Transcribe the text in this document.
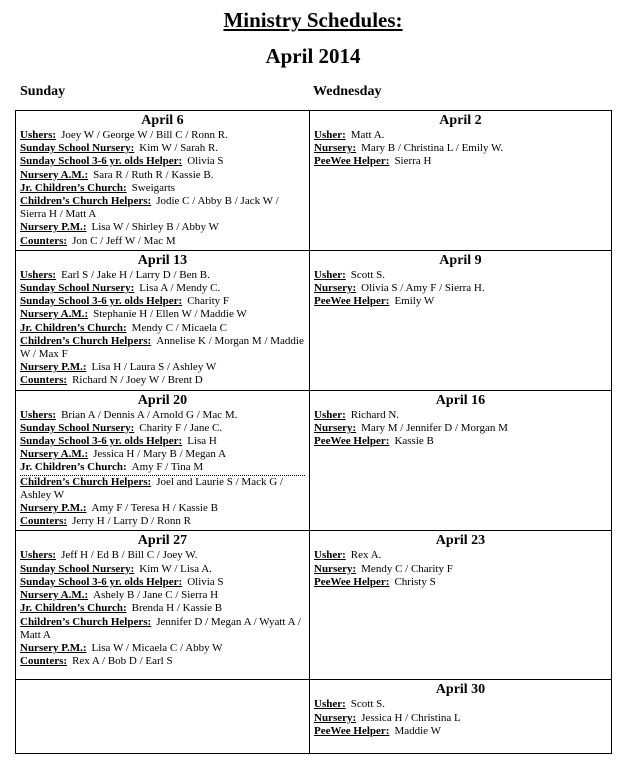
Ministry Schedules:
April 2014
Sunday	Wednesday
April 6
Ushers: Joey W / George W / Bill C / Ronn R.
Sunday School Nursery: Kim W / Sarah R.
Sunday School 3-6 yr. olds Helper: Olivia S
Nursery A.M.: Sara R / Ruth R / Kassie B.
Jr. Children’s Church: Sweigarts
Children’s Church Helpers: Jodie C / Abby B / Jack W / Sierra H / Matt A
Nursery P.M.: Lisa W / Shirley B / Abby W
Counters: Jon C / Jeff W / Mac M
April 2
Usher: Matt A.
Nursery: Mary B / Christina L / Emily W.
PeeWee Helper: Sierra H
April 13
Ushers: Earl S / Jake H / Larry D / Ben B.
Sunday School Nursery: Lisa A / Mendy C.
Sunday School 3-6 yr. olds Helper: Charity F
Nursery A.M.: Stephanie H / Ellen W / Maddie W
Jr. Children’s Church: Mendy C / Micaela C
Children’s Church Helpers: Annelise K / Morgan M / Maddie W / Max F
Nursery P.M.: Lisa H / Laura S / Ashley W
Counters: Richard N / Joey W / Brent D
April 9
Usher: Scott S.
Nursery: Olivia S / Amy F / Sierra H.
PeeWee Helper: Emily W
April 20
Ushers: Brian A / Dennis A / Arnold G / Mac M.
Sunday School Nursery: Charity F / Jane C.
Sunday School 3-6 yr. olds Helper: Lisa H
Nursery A.M.: Jessica H / Mary B / Megan A
Jr. Children’s Church: Amy F / Tina M
Children’s Church Helpers: Joel and Laurie S / Mack G / Ashley W
Nursery P.M.: Amy F / Teresa H / Kassie B
Counters: Jerry H / Larry D / Ronn R
April 16
Usher: Richard N.
Nursery: Mary M / Jennifer D / Morgan M
PeeWee Helper: Kassie B
April 27
Ushers: Jeff H / Ed B / Bill C / Joey W.
Sunday School Nursery: Kim W / Lisa A.
Sunday School 3-6 yr. olds Helper: Olivia S
Nursery A.M.: Ashely B / Jane C / Sierra H
Jr. Children’s Church: Brenda H / Kassie B
Children’s Church Helpers: Jennifer D / Megan A / Wyatt A / Matt A
Nursery P.M.: Lisa W / Micaela C / Abby W
Counters: Rex A / Bob D / Earl S
April 23
Usher: Rex A.
Nursery: Mendy C / Charity F
PeeWee Helper: Christy S
April 30
Usher: Scott S.
Nursery: Jessica H / Christina L
PeeWee Helper: Maddie W
